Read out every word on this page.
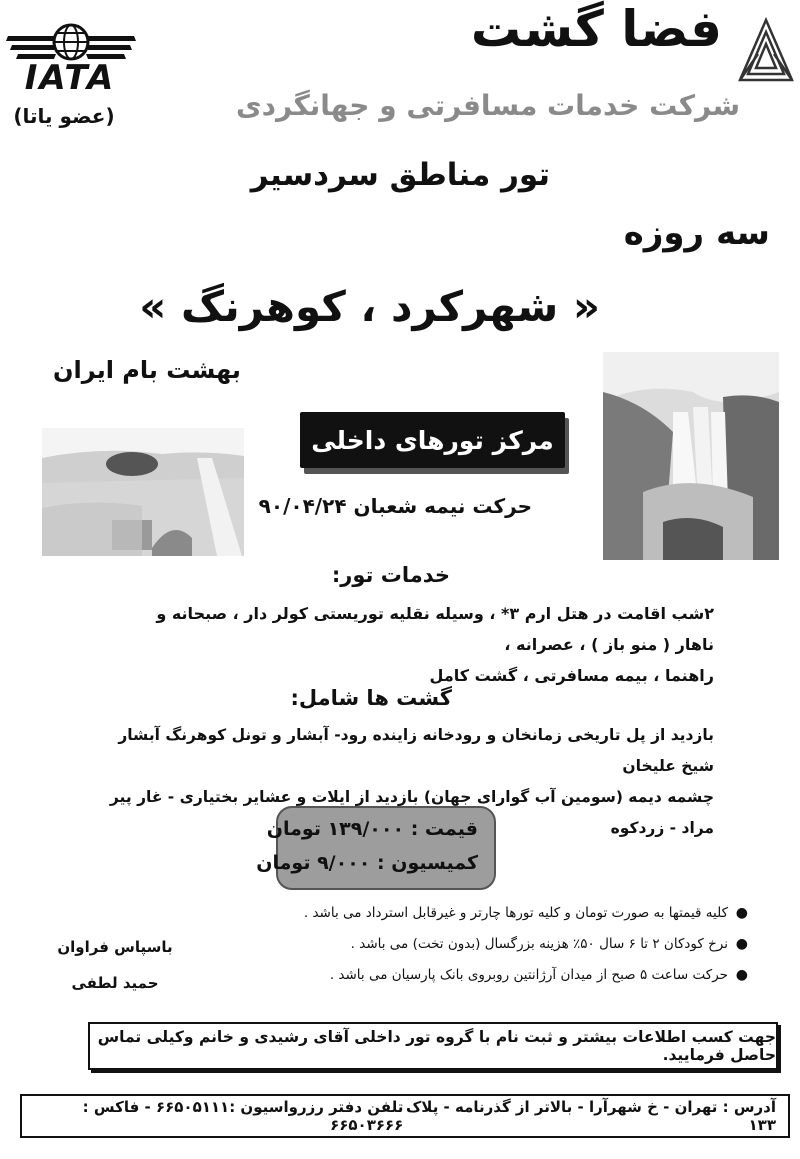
IATA
(عضو یاتا)
فضا گشت
شرکت خدمات مسافرتی و جهانگردی
تور مناطق سردسیر
سه روزه
« شهرکرد ، کوهرنگ »
بهشت بام ایران
مرکز تورهای داخلی
حرکت نیمه شعبان ۹۰/۰۴/۲۴
خدمات تور:
۲شب اقامت در هتل ارم ۳* ، وسیله نقلیه توریستی کولر دار ، صبحانه و ناهار ( منو باز ) ، عصرانه ،
راهنما ، بیمه مسافرتی ، گشت کامل
گشت ها شامل:
بازدید از پل تاریخی زمانخان و رودخانه زاینده رود- آبشار و تونل کوهرنگ آبشار شیخ علیخان
چشمه دیمه (سومین آب گوارای جهان) بازدید از ایلات و عشایر بختیاری - غار پیر مراد - زردکوه
قیمت : ۱۳۹/۰۰۰ تومان
کمیسیون : ۹/۰۰۰ تومان
●
کلیه قیمتها به صورت تومان و کلیه تورها چارتر و غیرقابل استرداد می باشد .
●
نرخ کودکان ۲ تا ۶ سال ۵۰٪ هزینه بزرگسال (بدون تخت) می باشد .
●
حرکت ساعت ۵ صبح از میدان آرژانتین روبروی بانک پارسیان می باشد .
باسپاس فراوان
حمید لطفی
جهت کسب اطلاعات بیشتر و ثبت نام با گروه تور داخلی آقای رشیدی و خانم وکیلی تماس حاصل فرمایید.
آدرس : تهران - خ شهرآرا - بالاتر از گذرنامه - پلاک ۱۳۳
تلفن دفتر رزرواسیون :۶۶۵۰۵۱۱۱ - فاکس : ۶۶۵۰۳۶۶۶
